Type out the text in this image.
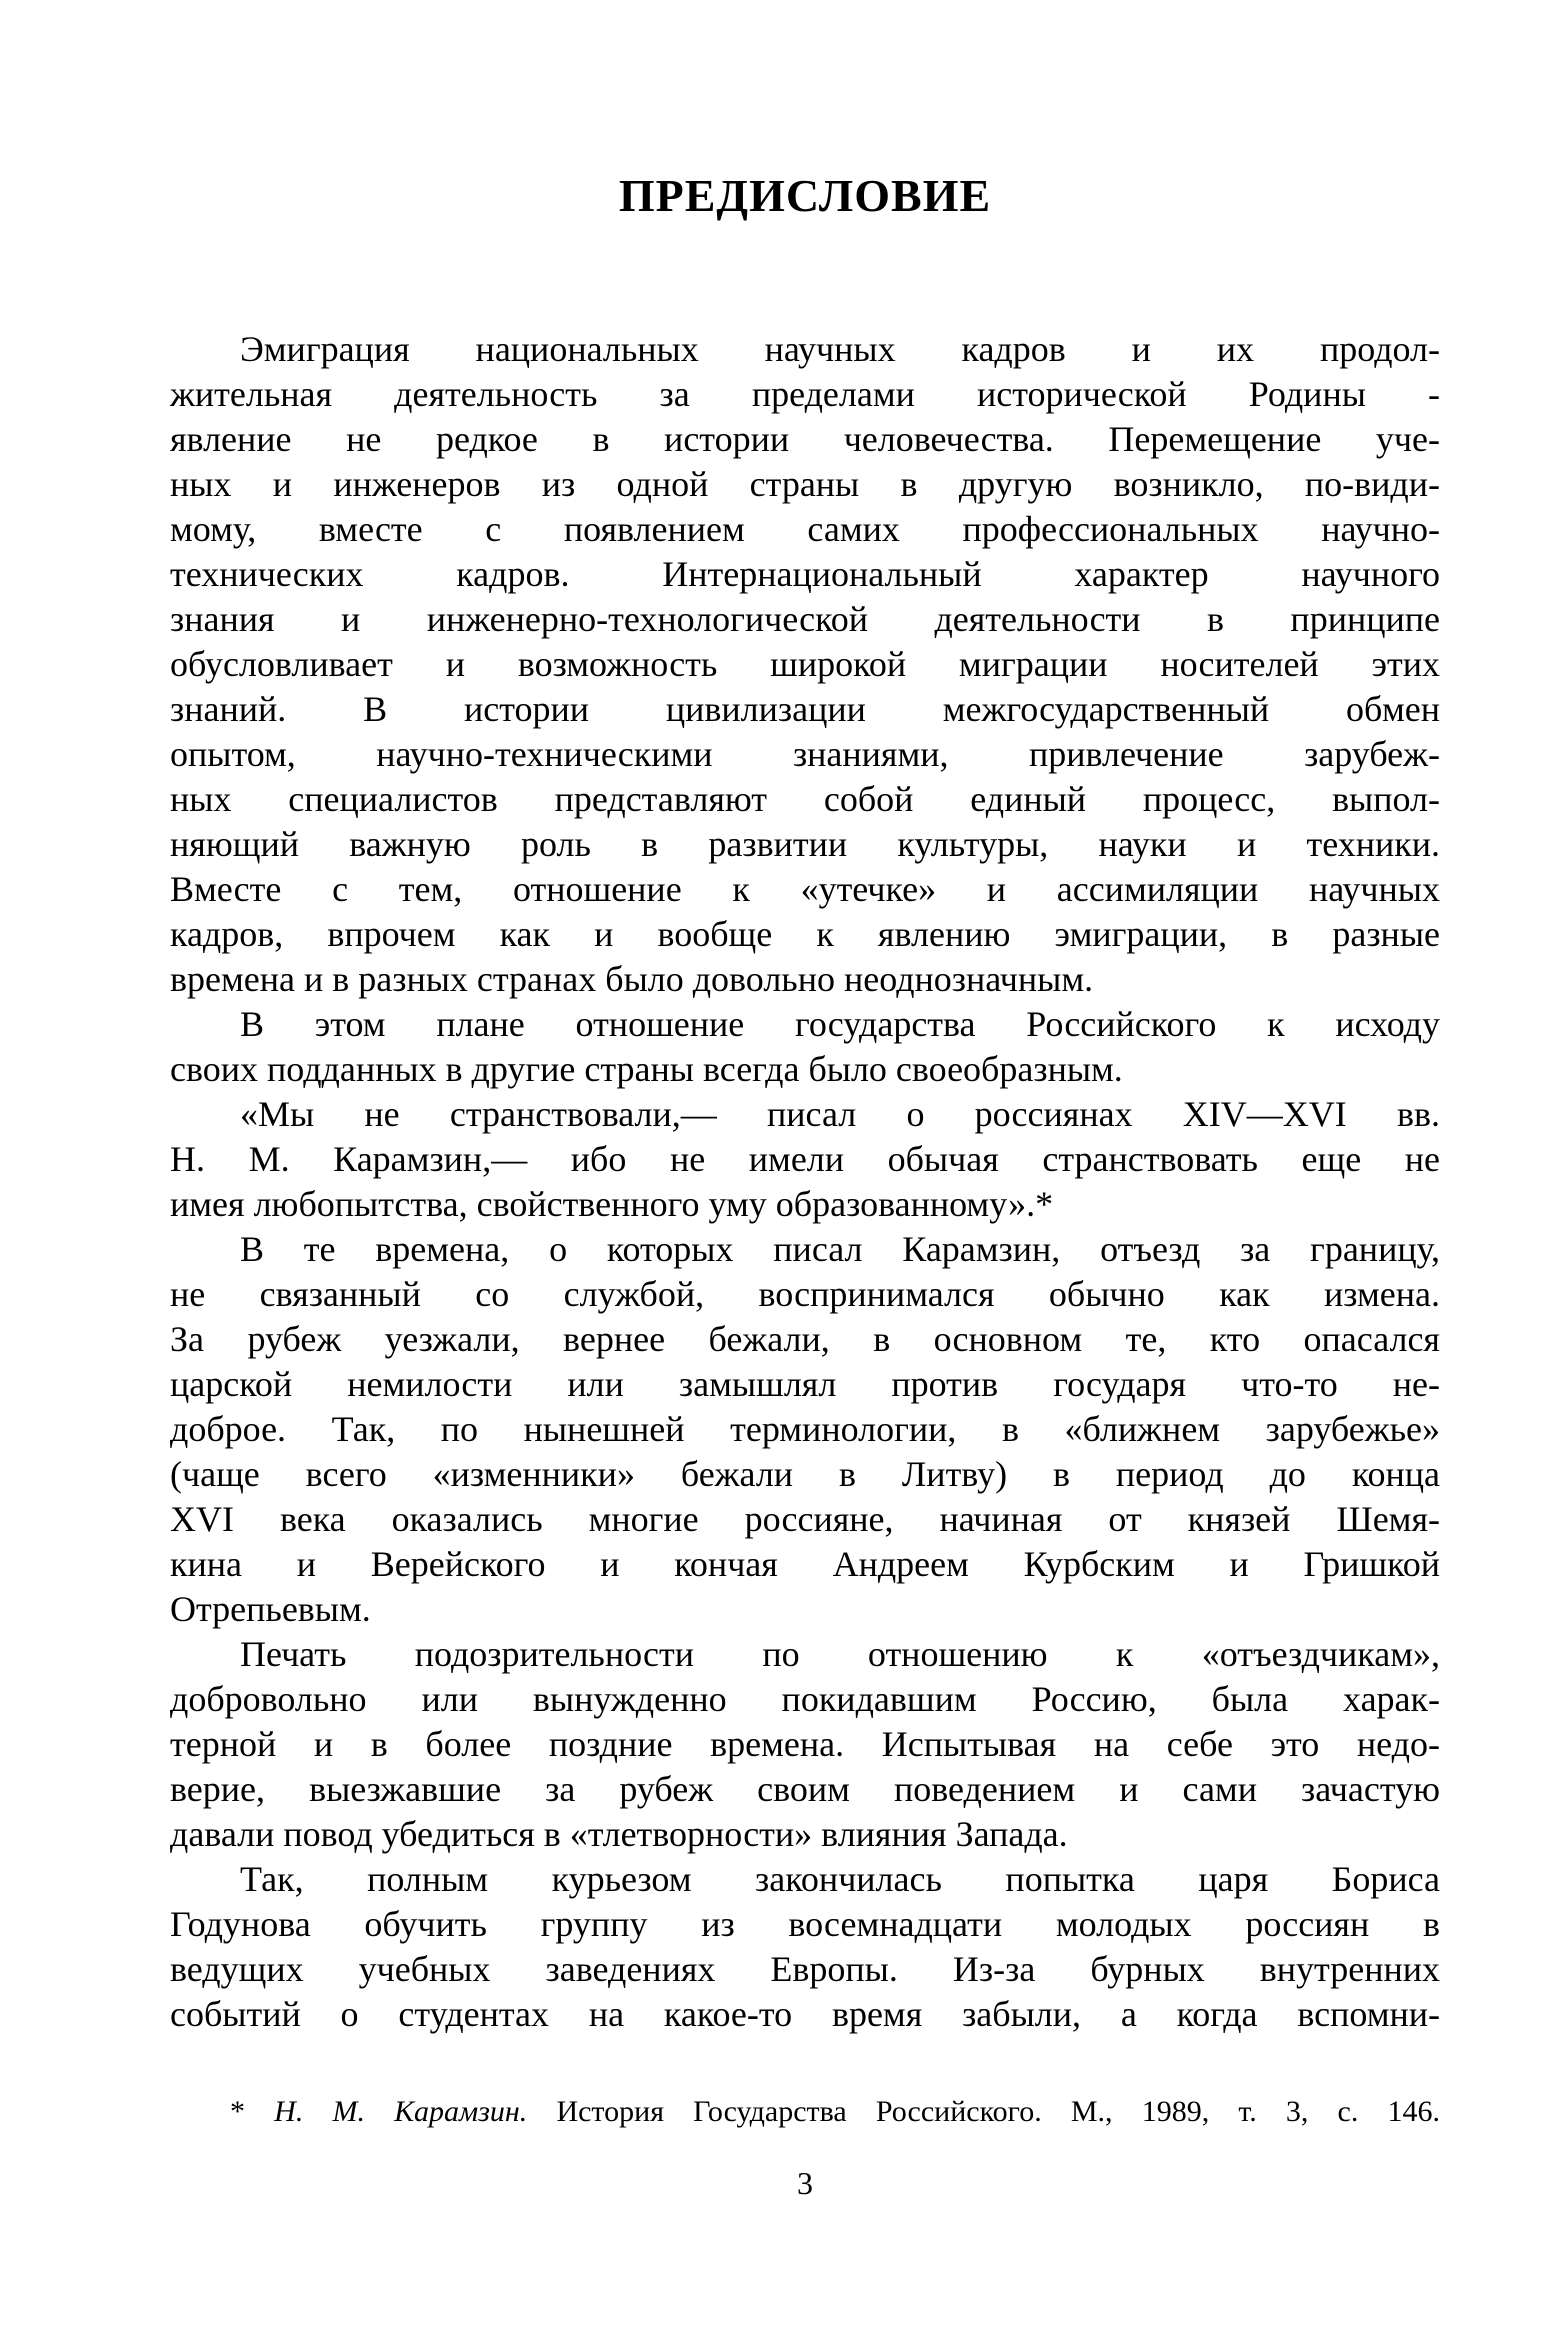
ПРЕДИСЛОВИЕ
Эмиграция национальных научных кадров и их продол-
жительная деятельность за пределами исторической Родины -
явление не редкое в истории человечества. Перемещение уче-
ных и инженеров из одной страны в другую возникло, по-види-
мому, вместе с появлением самих профессиональных научно-
технических кадров. Интернациональный характер научного
знания и инженерно-технологической деятельности в принципе
обусловливает и возможность широкой миграции носителей этих
знаний. В истории цивилизации межгосударственный обмен
опытом, научно-техническими знаниями, привлечение зарубеж-
ных специалистов представляют собой единый процесс, выпол-
няющий важную роль в развитии культуры, науки и техники.
Вместе с тем, отношение к «утечке» и ассимиляции научных
кадров, впрочем как и вообще к явлению эмиграции, в разные
времена и в разных странах было довольно неоднозначным.
В этом плане отношение государства Российского к исходу
своих подданных в другие страны всегда было своеобразным.
«Мы не странствовали,— писал о россиянах XIV—XVI вв.
Н. М. Карамзин,— ибо не имели обычая странствовать еще не
имея любопытства, свойственного уму образованному».*
В те времена, о которых писал Карамзин, отъезд за границу,
не связанный со службой, воспринимался обычно как измена.
За рубеж уезжали, вернее бежали, в основном те, кто опасался
царской немилости или замышлял против государя что-то не-
доброе. Так, по нынешней терминологии, в «ближнем зарубежье»
(чаще всего «изменники» бежали в Литву) в период до конца
XVI века оказались многие россияне, начиная от князей Шемя-
кина и Верейского и кончая Андреем Курбским и Гришкой
Отрепьевым.
Печать подозрительности по отношению к «отъездчикам»,
добровольно или вынужденно покидавшим Россию, была харак-
терной и в более поздние времена. Испытывая на себе это недо-
верие, выезжавшие за рубеж своим поведением и сами зачастую
давали повод убедиться в «тлетворности» влияния Запада.
Так, полным курьезом закончилась попытка царя Бориса
Годунова обучить группу из восемнадцати молодых россиян в
ведущих учебных заведениях Европы. Из-за бурных внутренних
событий о студентах на какое-то время забыли, а когда вспомни-
* Н. М. Карамзин. История Государства Российского. М., 1989, т. 3, с. 146.
3
